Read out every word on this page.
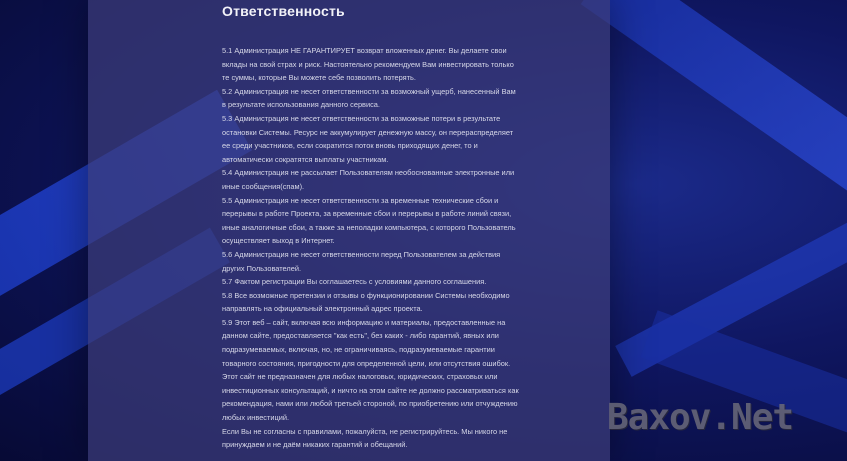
Ответственность
5.1 Администрация НЕ ГАРАНТИРУЕТ возврат вложенных денег. Вы делаете свои
вклады на свой страх и риск. Настоятельно рекомендуем Вам инвестировать только
те суммы, которые Вы можете себе позволить потерять.
5.2 Администрация не несет ответственности за возможный ущерб, нанесенный Вам
в результате использования данного сервиса.
5.3 Администрация не несет ответственности за возможные потери в результате
остановки Системы. Ресурс не аккумулирует денежную массу, он перераспределяет
ее среди участников, если сократится поток вновь приходящих денег, то и
автоматически сократятся выплаты участникам.
5.4 Администрация не рассылает Пользователям необоснованные электронные или
иные сообщения(спам).
5.5 Администрация не несет ответственности за временные технические сбои и
перерывы в работе Проекта, за временные сбои и перерывы в работе линий связи,
иные аналогичные сбои, а также за неполадки компьютера, с которого Пользователь
осуществляет выход в Интернет.
5.6 Администрация не несет ответственности перед Пользователем за действия
других Пользователей.
5.7 Фактом регистрации Вы соглашаетесь с условиями данного соглашения.
5.8 Все возможные претензии и отзывы о функционировании Системы необходимо
направлять на официальный электронный адрес проекта.
5.9 Этот веб – сайт, включая всю информацию и материалы, предоставленные на
данном сайте, предоставляется "как есть", без каких - либо гарантий, явных или
подразумеваемых, включая, но, не ограничиваясь, подразумеваемые гарантии
товарного состояния, пригодности для определенной цели, или отсутствия ошибок.
Этот сайт не предназначен для любых налоговых, юридических, страховых или
инвестиционных консультаций, и ничто на этом сайте не должно рассматриваться как
рекомендация, нами или любой третьей стороной, по приобретению или отчуждению
любых инвестиций.
Если Вы не согласны с правилами, пожалуйста, не регистрируйтесь. Мы никого не
принуждаем и не даём никаких гарантий и обещаний.
Baxov.Net
